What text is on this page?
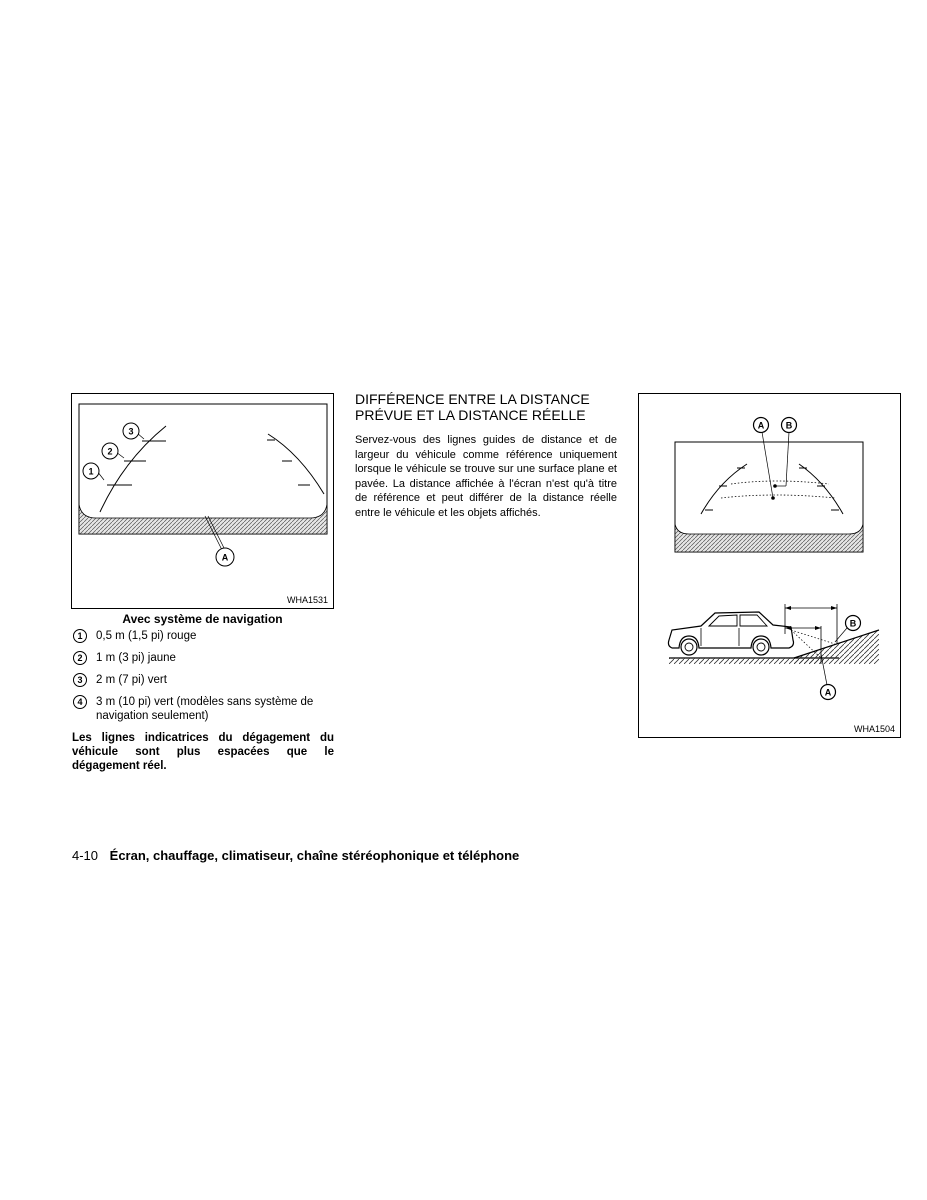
1
2
3
A
WHA1531
Avec système de navigation
1	0,5 m (1,5 pi) rouge
2	1 m (3 pi) jaune
3	2 m (7 pi) vert
4	3 m (10 pi) vert (modèles sans système de navigation seulement)
Les lignes indicatrices du dégagement du véhicule sont plus espacées que le dégagement réel.
DIFFÉRENCE ENTRE LA DISTANCE
PRÉVUE ET LA DISTANCE RÉELLE
Servez-vous des lignes guides de distance et de largeur du véhicule comme référence uniquement lorsque le véhicule se trouve sur une surface plane et pavée. La distance affichée à l'écran n'est qu'à titre de référence et peut différer de la distance réelle entre le véhicule et les objets affichés.
A B
B
A
WHA1504
4-10 Écran, chauffage, climatiseur, chaîne stéréophonique et téléphone
